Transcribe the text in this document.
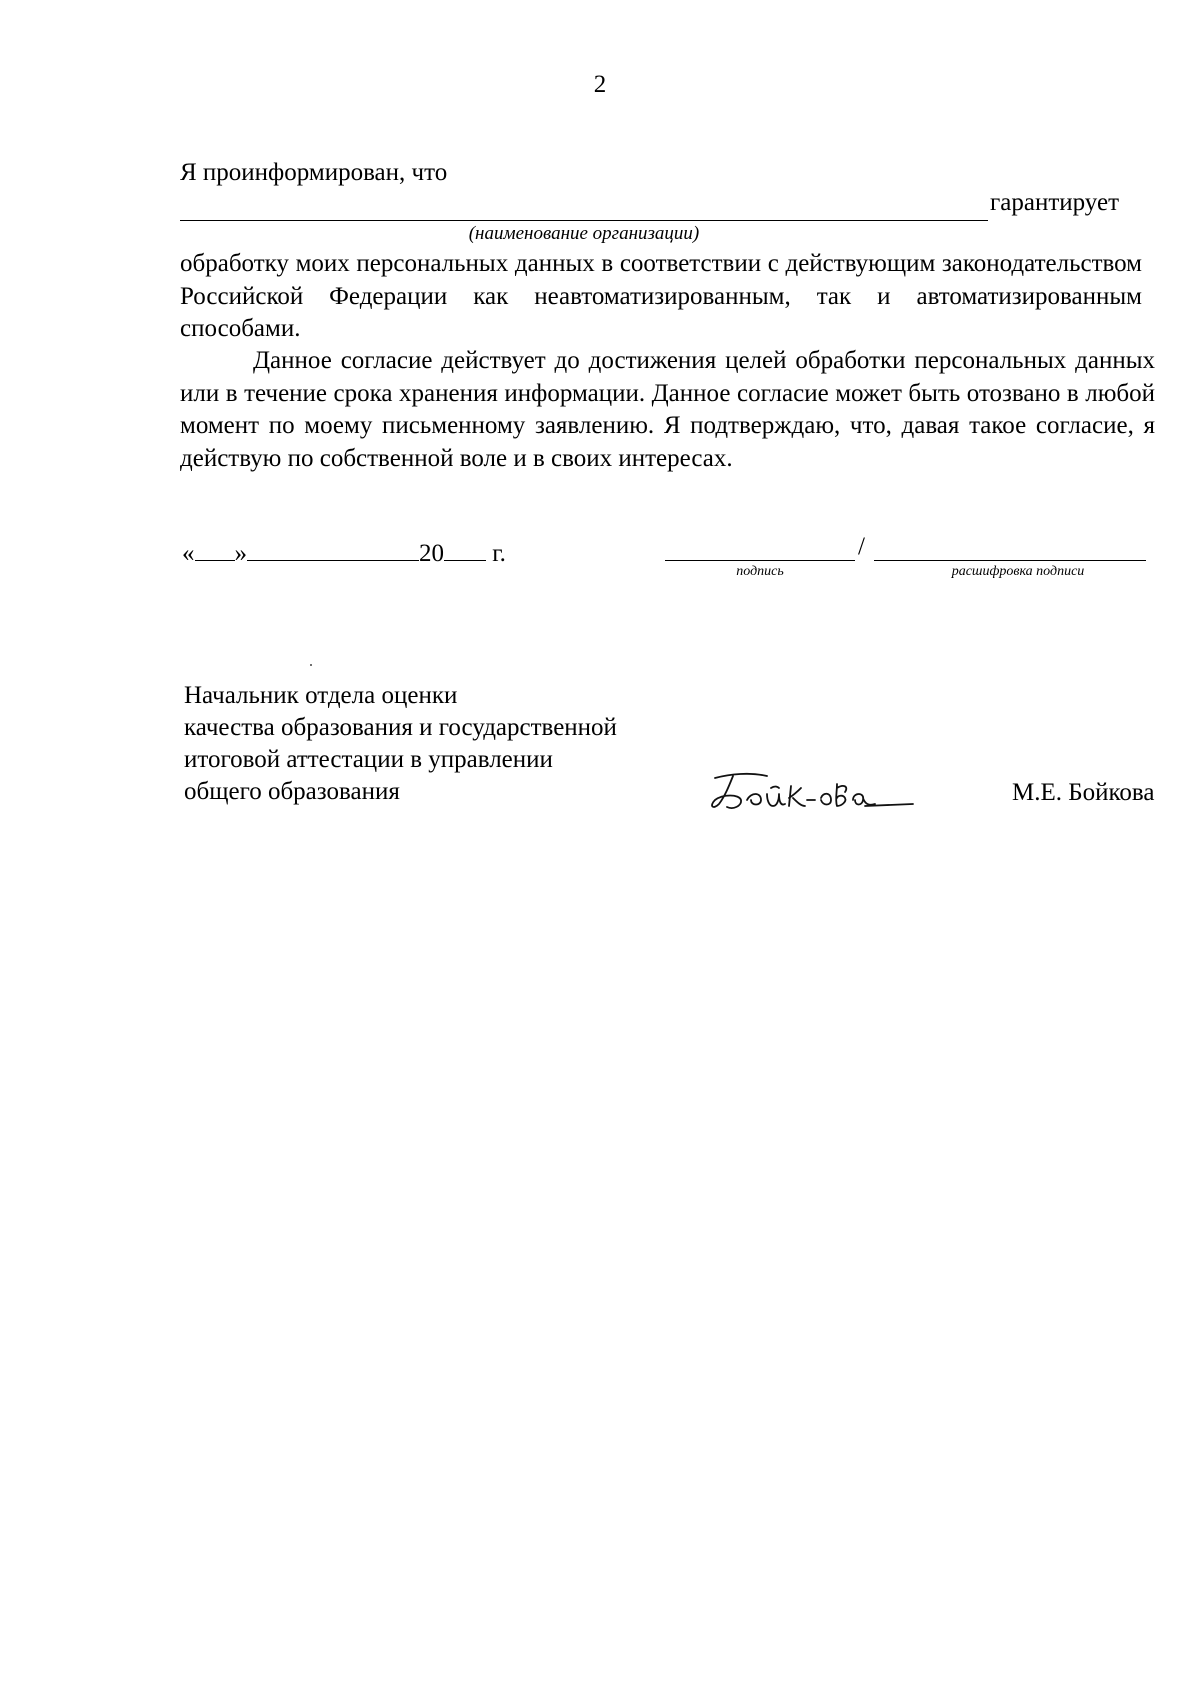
2
Я проинформирован, что
гарантирует
(наименование организации)

обработку моих персональных данных в соответствии с действующим законодательством Российской Федерации как неавтоматизированным, так и автоматизированным способами.

Данное согласие действует до достижения целей обработки персональных данных или в течение срока хранения информации. Данное согласие может быть отозвано в любой момент по моему письменному заявлению. Я подтверждаю, что, давая такое согласие, я действую по собственной воле и в своих интересах.

« »	20 г.	/
подпись	расшифровка подписи
Начальник отдела оценки
качества образования и государственной
итоговой аттестации в управлении
общего образования	М.Е. Бойкова
